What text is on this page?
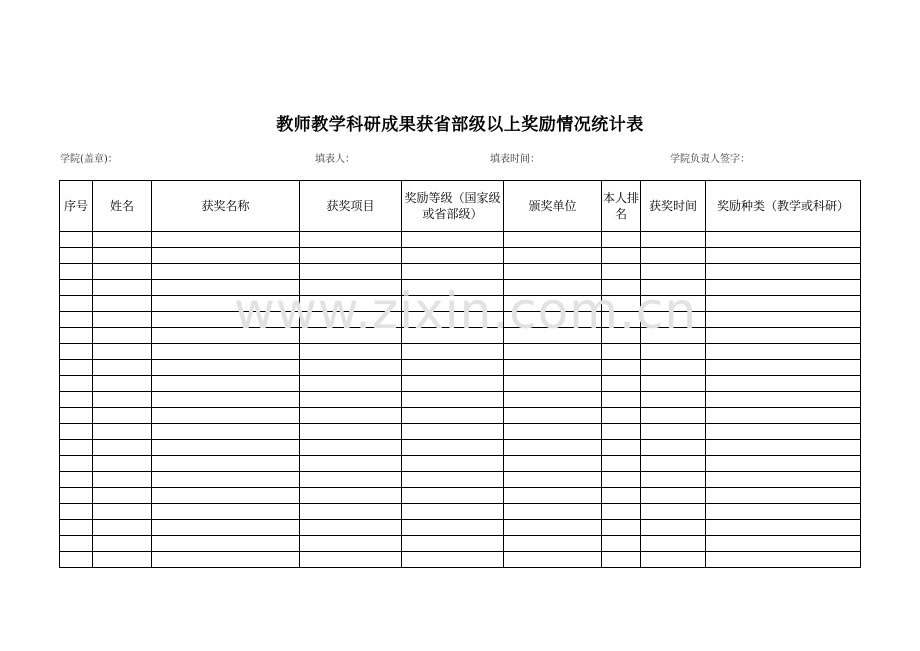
教师教学科研成果获省部级以上奖励情况统计表
学院(盖章)：	填表人：	填表时间：	学院负责人签字：
序号	姓名	获奖名称	获奖项目	奖励等级（国家级或省部级）	颁奖单位	本人排名	获奖时间	奖励种类（教学或科研）

www.zixin.com.cn
